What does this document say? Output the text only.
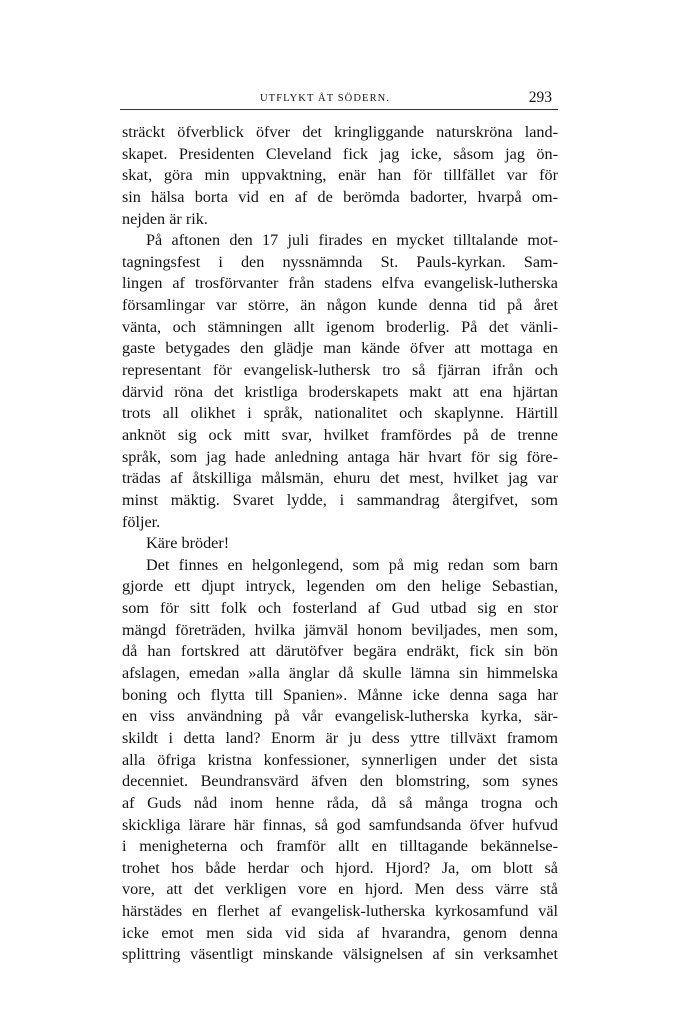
UTFLYKT ÅT SÖDERN.	293
sträckt öfverblick öfver det kringliggande naturskröna land-
skapet. Presidenten Cleveland fick jag icke, såsom jag ön-
skat, göra min uppvaktning, enär han för tillfället var för
sin hälsa borta vid en af de berömda badorter, hvarpå om-
nejden är rik.
På aftonen den 17 juli firades en mycket tilltalande mot-
tagningsfest i den nyssnämnda St. Pauls-kyrkan. Sam-
lingen af trosförvanter från stadens elfva evangelisk-lutherska
församlingar var större, än någon kunde denna tid på året
vänta, och stämningen allt igenom broderlig. På det vänli-
gaste betygades den glädje man kände öfver att mottaga en
representant för evangelisk-luthersk tro så fjärran ifrån och
därvid röna det kristliga broderskapets makt att ena hjärtan
trots all olikhet i språk, nationalitet och skaplynne. Härtill
anknöt sig ock mitt svar, hvilket framfördes på de trenne
språk, som jag hade anledning antaga här hvart för sig före-
trädas af åtskilliga målsmän, ehuru det mest, hvilket jag var
minst mäktig. Svaret lydde, i sammandrag återgifvet, som
följer.
Käre bröder!
Det finnes en helgonlegend, som på mig redan som barn
gjorde ett djupt intryck, legenden om den helige Sebastian,
som för sitt folk och fosterland af Gud utbad sig en stor
mängd företräden, hvilka jämväl honom beviljades, men som,
då han fortskred att därutöfver begära endräkt, fick sin bön
afslagen, emedan »alla änglar då skulle lämna sin himmelska
boning och flytta till Spanien». Månne icke denna saga har
en viss användning på vår evangelisk-lutherska kyrka, sär-
skildt i detta land? Enorm är ju dess yttre tillväxt framom
alla öfriga kristna konfessioner, synnerligen under det sista
decenniet. Beundransvärd äfven den blomstring, som synes
af Guds nåd inom henne råda, då så många trogna och
skickliga lärare här finnas, så god samfundsanda öfver hufvud
i menigheterna och framför allt en tilltagande bekännelse-
trohet hos både herdar och hjord. Hjord? Ja, om blott så
vore, att det verkligen vore en hjord. Men dess värre stå
härstädes en flerhet af evangelisk-lutherska kyrkosamfund väl
icke emot men sida vid sida af hvarandra, genom denna
splittring väsentligt minskande välsignelsen af sin verksamhet
